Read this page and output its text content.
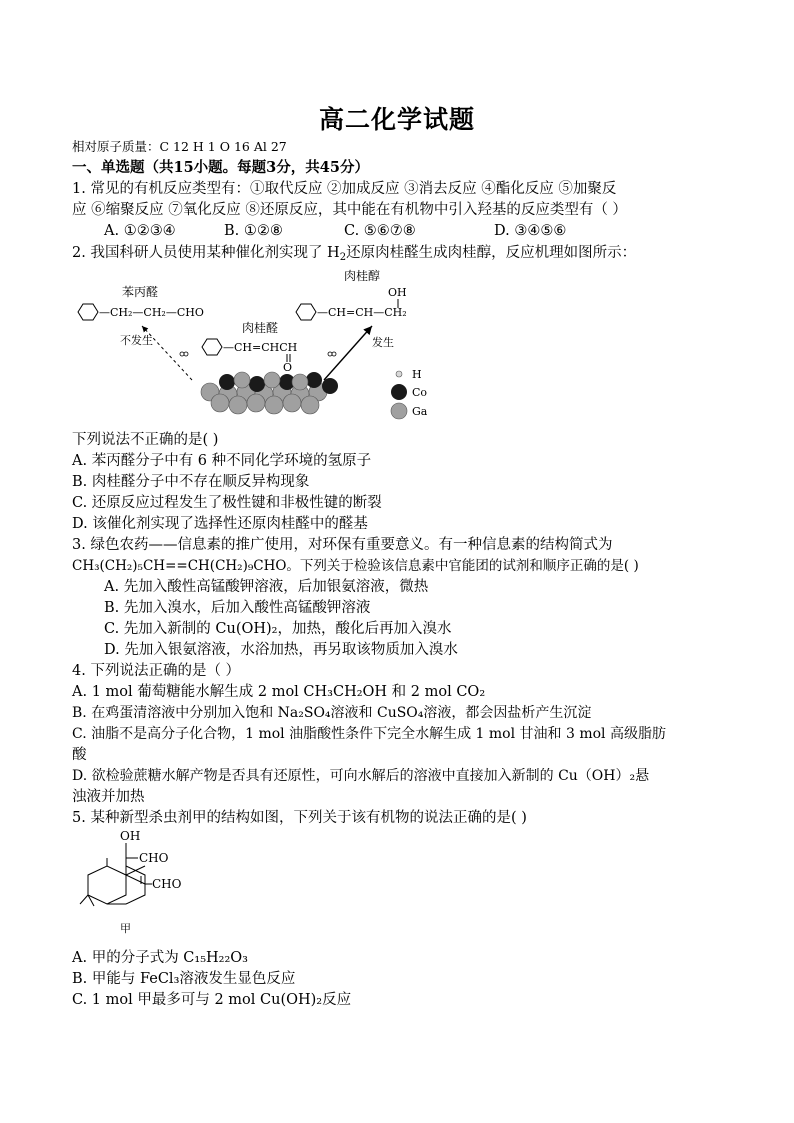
高二化学试题
相对原子质量：C 12 H 1 O 16 Al 27
一、单选题（共15小题。每题3分，共45分）
1. 常见的有机反应类型有：①取代反应 ②加成反应 ③消去反应 ④酯化反应 ⑤加聚反
应 ⑥缩聚反应 ⑦氧化反应 ⑧还原反应，其中能在有机物中引入羟基的反应类型有（ ）
A. ①②③④	B. ①②⑧	C. ⑤⑥⑦⑧	D. ③④⑤⑥
2. 我国科研人员使用某种催化剂实现了 $H_2$还原肉桂醛生成肉桂醇，反应机理如图所示：
苯丙醛
—CH₂—CH₂—CHO
肉桂醇
OH
—CH=CH—CH₂
肉桂醛
—CH=CHCH
O
不发生	发生
H
Co
Ga
下列说法不正确的是( )
A. 苯丙醛分子中有 6 种不同化学环境的氢原子
B. 肉桂醛分子中不存在顺反异构现象
C. 还原反应过程发生了极性键和非极性键的断裂
D. 该催化剂实现了选择性还原肉桂醛中的醛基
3. 绿色农药——信息素的推广使用，对环保有重要意义。有一种信息素的结构简式为
CH₃(CH₂)₅CH==CH(CH₂)₉CHO。下列关于检验该信息素中官能团的试剂和顺序正确的是( )
A. 先加入酸性高锰酸钾溶液，后加银氨溶液，微热
B. 先加入溴水，后加入酸性高锰酸钾溶液
C. 先加入新制的 Cu(OH)₂，加热，酸化后再加入溴水
D. 先加入银氨溶液，水浴加热，再另取该物质加入溴水
4. 下列说法正确的是（ ）
A. 1 mol 葡萄糖能水解生成 2 mol CH₃CH₂OH 和 2 mol CO₂
B. 在鸡蛋清溶液中分别加入饱和 Na₂SO₄溶液和 CuSO₄溶液，都会因盐析产生沉淀
C. 油脂不是高分子化合物，1 mol 油脂酸性条件下完全水解生成 1 mol 甘油和 3 mol 高级脂肪
酸
D. 欲检验蔗糖水解产物是否具有还原性，可向水解后的溶液中直接加入新制的 Cu（OH）₂悬
浊液并加热
5. 某种新型杀虫剂甲的结构如图，下列关于该有机物的说法正确的是( )
OH
CHO
CHO
甲
A. 甲的分子式为 C₁₅H₂₂O₃
B. 甲能与 FeCl₃溶液发生显色反应
C. 1 mol 甲最多可与 2 mol Cu(OH)₂反应
